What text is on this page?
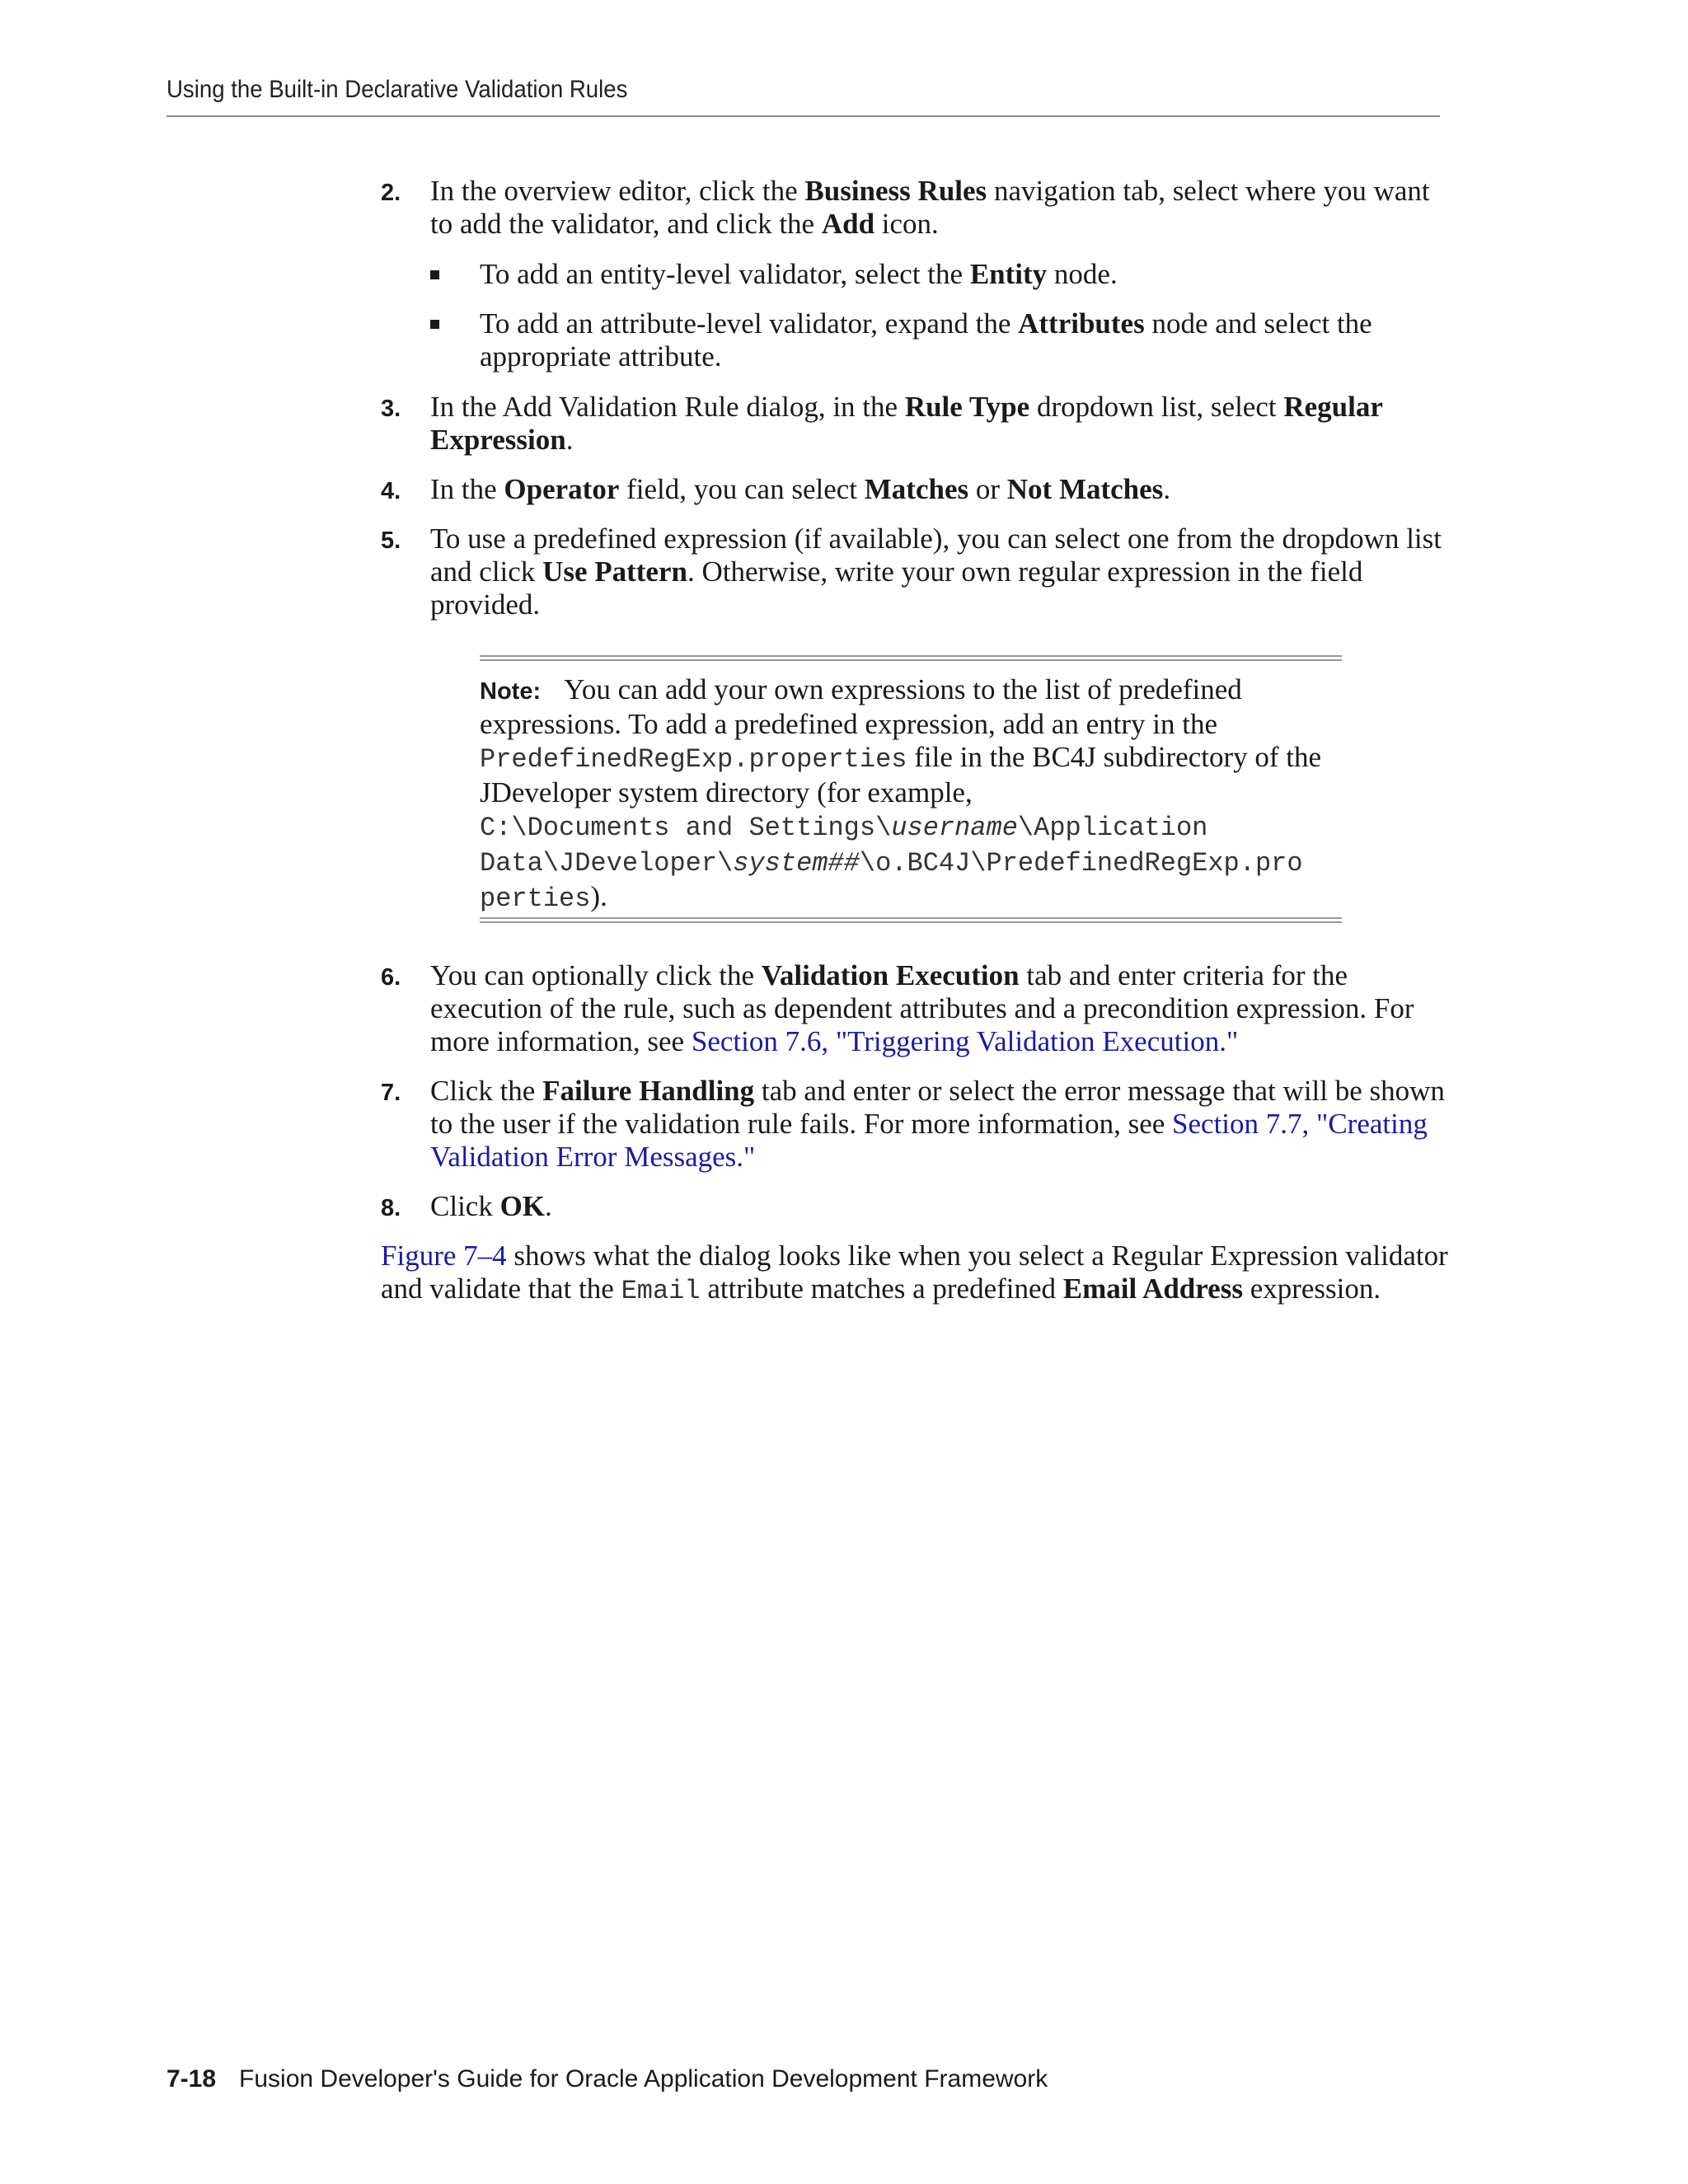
Using the Built-in Declarative Validation Rules
2. In the overview editor, click the Business Rules navigation tab, select where you want to add the validator, and click the Add icon.
To add an entity-level validator, select the Entity node.
To add an attribute-level validator, expand the Attributes node and select the appropriate attribute.
3. In the Add Validation Rule dialog, in the Rule Type dropdown list, select Regular Expression.
4. In the Operator field, you can select Matches or Not Matches.
5. To use a predefined expression (if available), you can select one from the dropdown list and click Use Pattern. Otherwise, write your own regular expression in the field provided.
Note: You can add your own expressions to the list of predefined expressions. To add a predefined expression, add an entry in the PredefinedRegExp.properties file in the BC4J subdirectory of the JDeveloper system directory (for example,
C:\Documents and Settings\username\Application
Data\JDeveloper\system##\o.BC4J\PredefinedRegExp.pro
perties).
6. You can optionally click the Validation Execution tab and enter criteria for the execution of the rule, such as dependent attributes and a precondition expression. For more information, see Section 7.6, "Triggering Validation Execution."
7. Click the Failure Handling tab and enter or select the error message that will be shown to the user if the validation rule fails. For more information, see Section 7.7, "Creating Validation Error Messages."
8. Click OK.
Figure 7–4 shows what the dialog looks like when you select a Regular Expression validator and validate that the Email attribute matches a predefined Email Address expression.
7-18 Fusion Developer's Guide for Oracle Application Development Framework
